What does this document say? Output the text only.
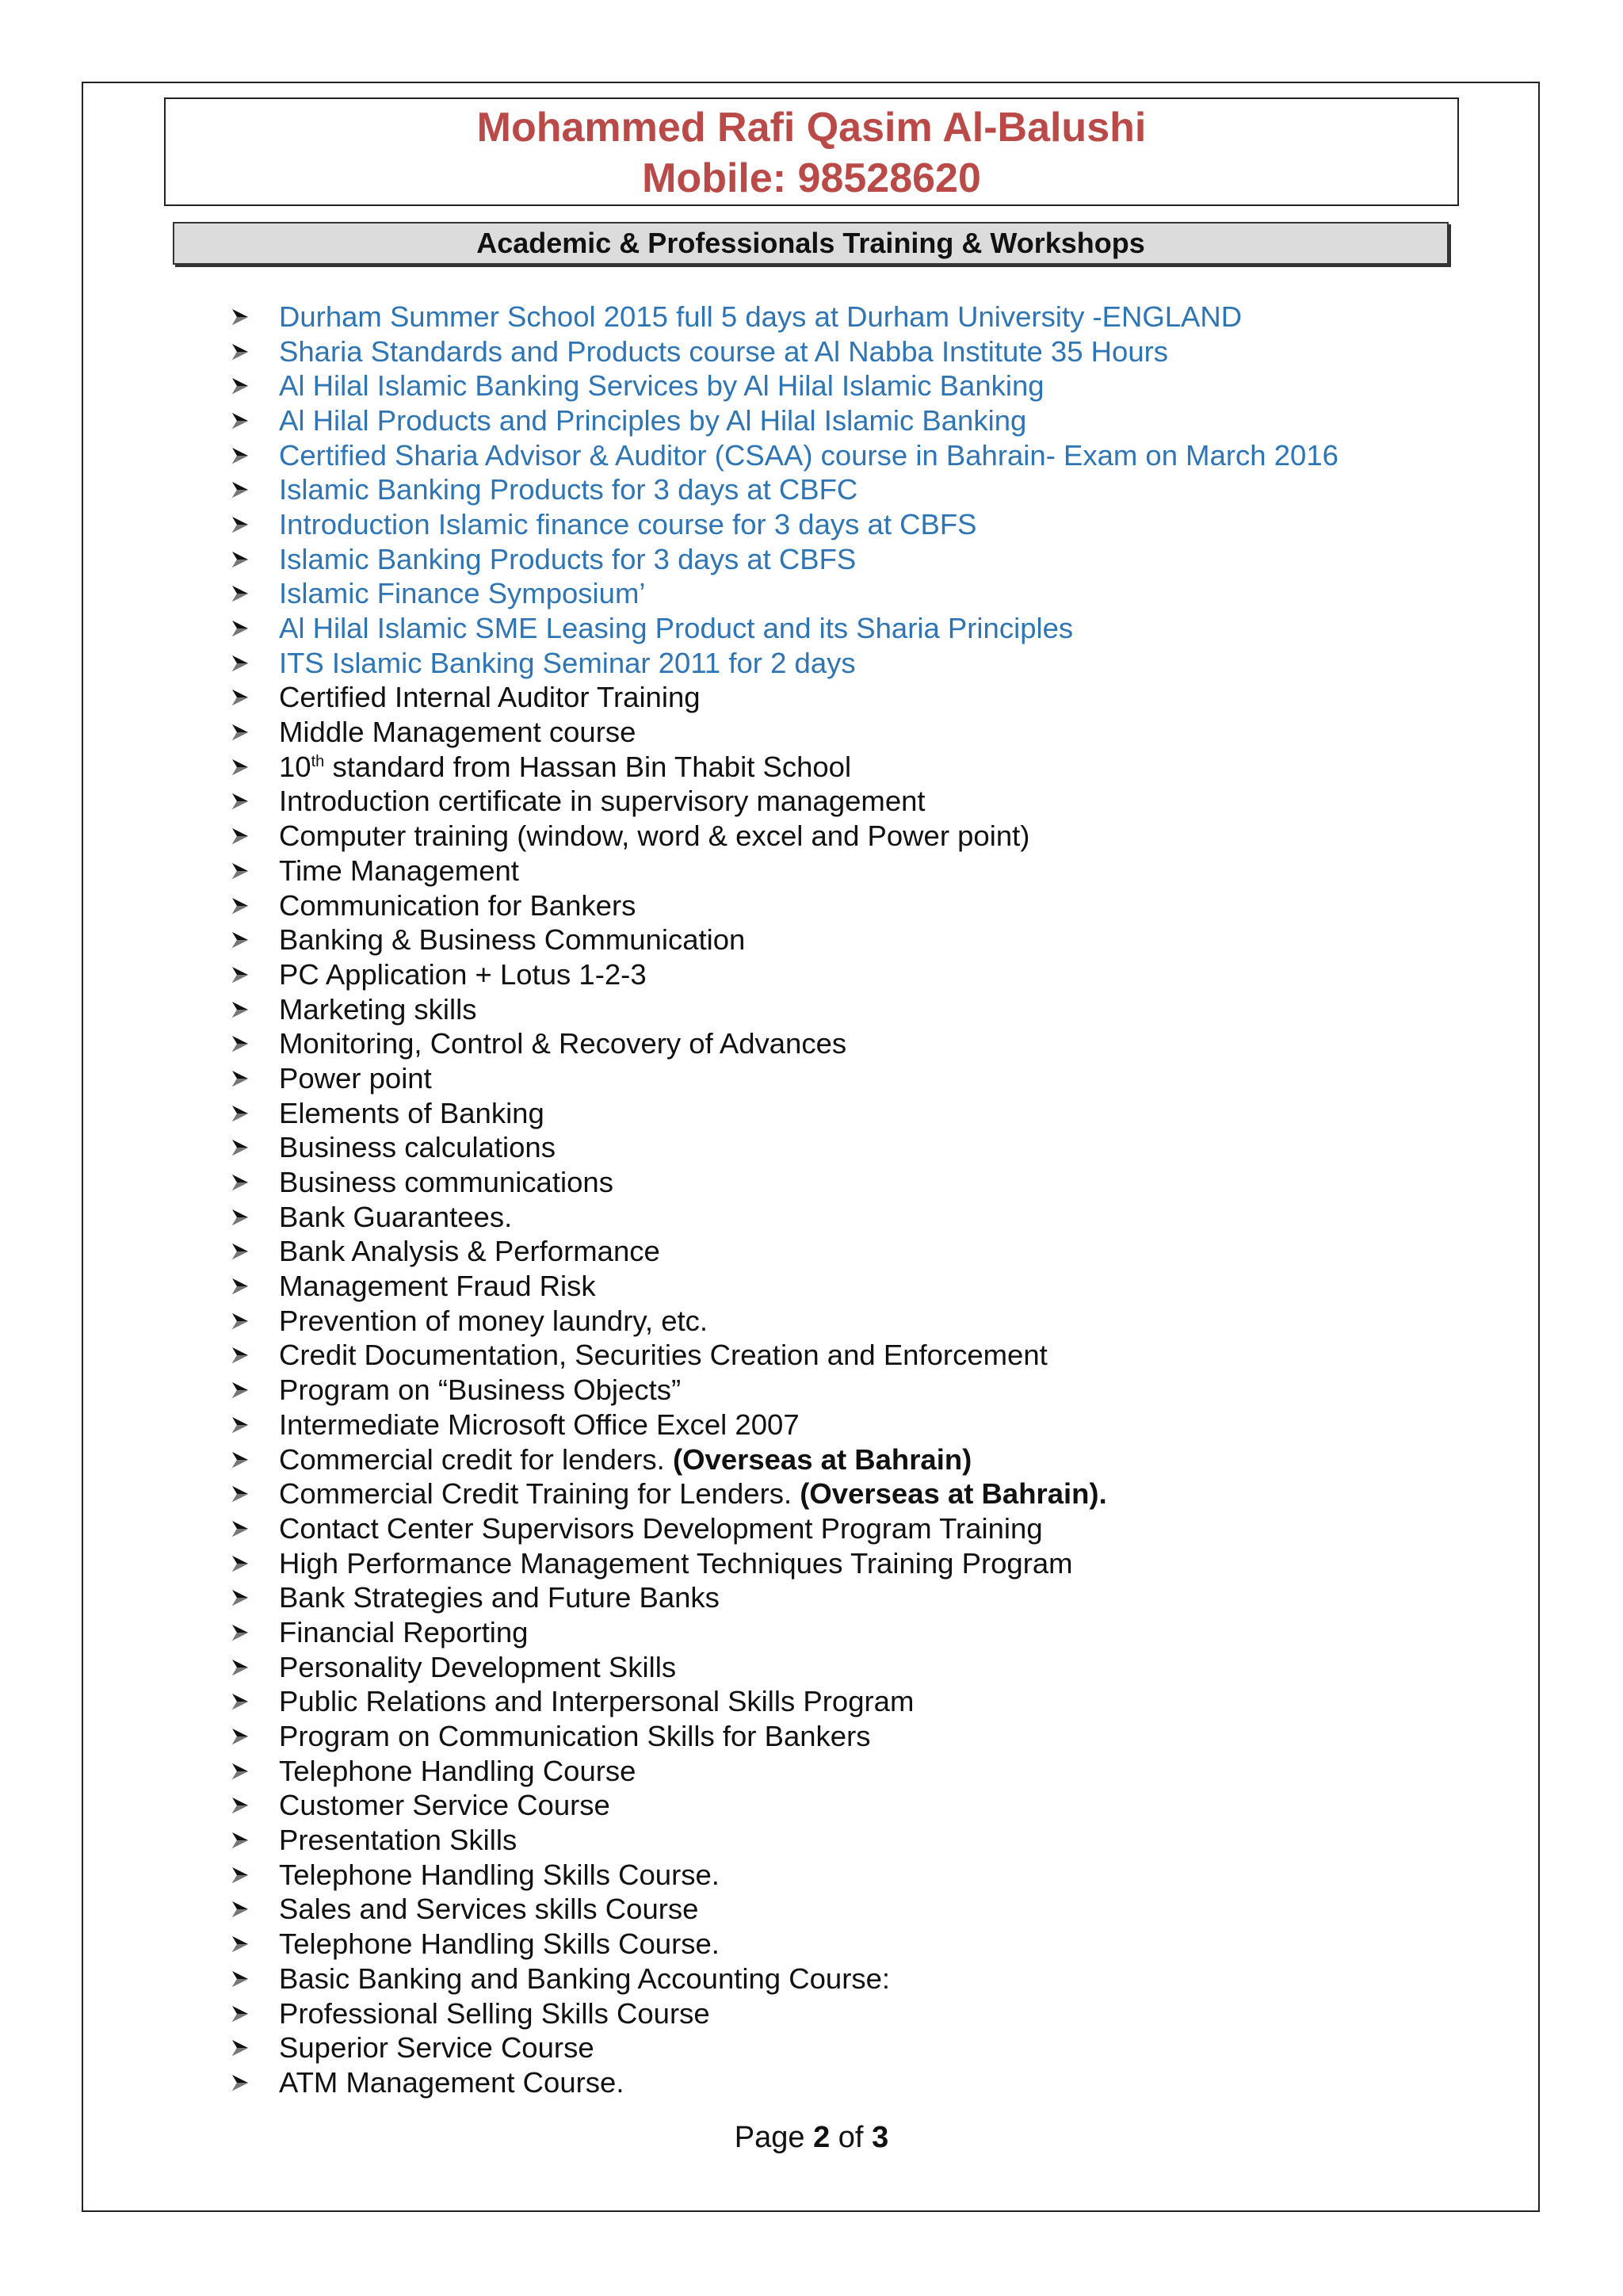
Mohammed Rafi Qasim Al-Balushi
Mobile: 98528620
Academic & Professionals Training & Workshops
Durham Summer School 2015 full 5 days at Durham University -ENGLAND
Sharia Standards and Products course at Al Nabba Institute 35 Hours
Al Hilal Islamic Banking Services by Al Hilal Islamic Banking
Al Hilal Products and Principles by Al Hilal Islamic Banking
Certified Sharia Advisor & Auditor (CSAA) course in Bahrain- Exam on March 2016
Islamic Banking Products for 3 days at CBFC
Introduction Islamic finance course for 3 days at CBFS
Islamic Banking Products for 3 days at CBFS
Islamic Finance Symposium’
Al Hilal Islamic SME Leasing Product and its Sharia Principles
ITS Islamic Banking Seminar 2011 for 2 days
Certified Internal Auditor Training
Middle Management course
10th standard from Hassan Bin Thabit School
Introduction certificate in supervisory management
Computer training (window, word & excel and Power point)
Time Management
Communication for Bankers
Banking & Business Communication
PC Application + Lotus 1-2-3
Marketing skills
Monitoring, Control & Recovery of Advances
Power point
Elements of Banking
Business calculations
Business communications
Bank Guarantees.
Bank Analysis & Performance
Management Fraud Risk
Prevention of money laundry, etc.
Credit Documentation, Securities Creation and Enforcement
Program on “Business Objects”
Intermediate Microsoft Office Excel 2007
Commercial credit for lenders. (Overseas at Bahrain)
Commercial Credit Training for Lenders. (Overseas at Bahrain).
Contact Center Supervisors Development Program Training
High Performance Management Techniques Training Program
Bank Strategies and Future Banks
Financial Reporting
Personality Development Skills
Public Relations and Interpersonal Skills Program
Program on Communication Skills for Bankers
Telephone Handling Course
Customer Service Course
Presentation Skills
Telephone Handling Skills Course.
Sales and Services skills Course
Telephone Handling Skills Course.
Basic Banking and Banking Accounting Course:
Professional Selling Skills Course
Superior Service Course
ATM Management Course.
Page 2 of 3
